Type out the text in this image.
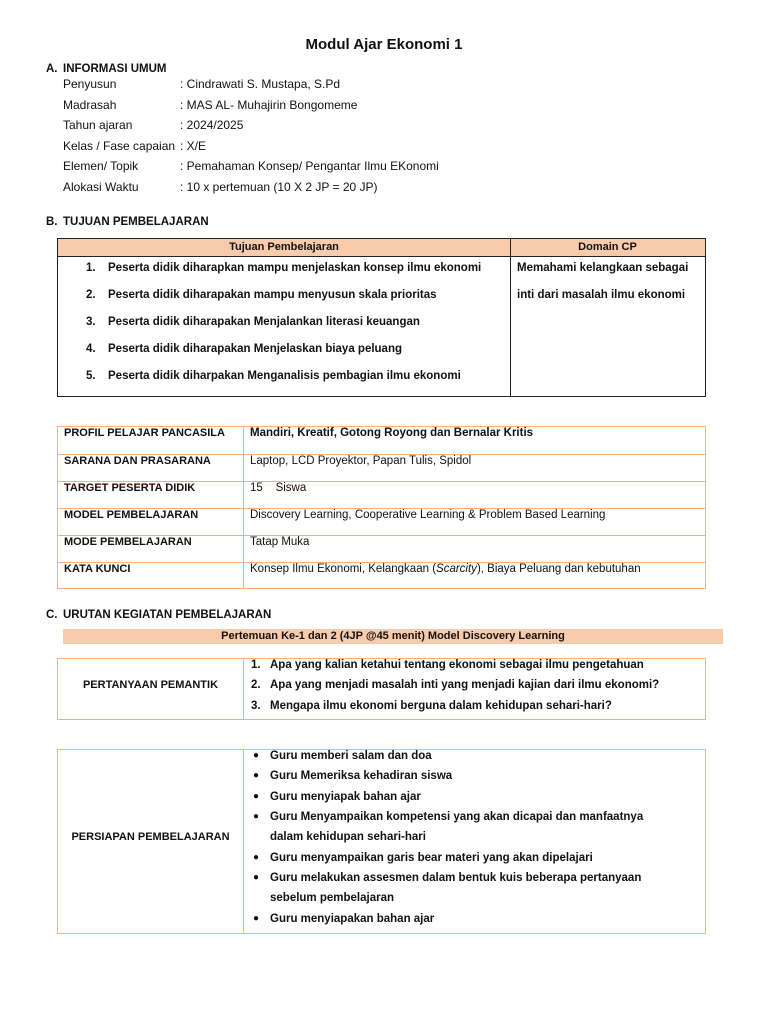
Modul Ajar Ekonomi 1
A. INFORMASI UMUM
Penyusun	: Cindrawati S. Mustapa, S.Pd
Madrasah	: MAS AL- Muhajirin Bongomeme
Tahun ajaran	: 2024/2025
Kelas / Fase capaian : X/E
Elemen/ Topik	: Pemahaman Konsep/ Pengantar Ilmu EKonomi
Alokasi Waktu	: 10 x pertemuan (10 X 2 JP = 20 JP)
B. TUJUAN PEMBELAJARAN
Tujuan Pembelajaran	Domain CP
1. Peserta didik diharapkan mampu menjelaskan konsep ilmu ekonomi
2. Peserta didik diharapakan mampu menyusun skala prioritas
3. Peserta didik diharapakan Menjalankan literasi keuangan
4. Peserta didik diharapakan Menjelaskan biaya peluang
5. Peserta didik diharpakan Menganalisis pembagian ilmu ekonomi
Memahami kelangkaan sebagai
inti dari masalah ilmu ekonomi
PROFIL PELAJAR PANCASILA Mandiri, Kreatif, Gotong Royong dan Bernalar Kritis
SARANA DAN PRASARANA	Laptop, LCD Proyektor, Papan Tulis, Spidol
TARGET PESERTA DIDIK	15    Siswa
MODEL PEMBELAJARAN	Discovery Learning, Cooperative Learning & Problem Based Learning
MODE PEMBELAJARAN	Tatap Muka
KATA KUNCI	Konsep Ilmu Ekonomi, Kelangkaan (Scarcity), Biaya Peluang dan kebutuhan
C. URUTAN KEGIATAN PEMBELAJARAN
Pertemuan Ke-1 dan 2 (4JP @45 menit) Model Discovery Learning
PERTANYAAN PEMANTIK
1. Apa yang kalian ketahui tentang ekonomi sebagai ilmu pengetahuan
2. Apa yang menjadi masalah inti yang menjadi kajian dari ilmu ekonomi?
3. Mengapa ilmu ekonomi berguna dalam kehidupan sehari-hari?
PERSIAPAN PEMBELAJARAN
● Guru memberi salam dan doa
● Guru Memeriksa kehadiran siswa
● Guru menyiapak bahan ajar
● Guru Menyampaikan kompetensi yang akan dicapai dan manfaatnya
dalam kehidupan sehari-hari
● Guru menyampaikan garis bear materi yang akan dipelajari
● Guru melakukan assesmen dalam bentuk kuis beberapa pertanyaan
sebelum pembelajaran
● Guru menyiapakan bahan ajar
